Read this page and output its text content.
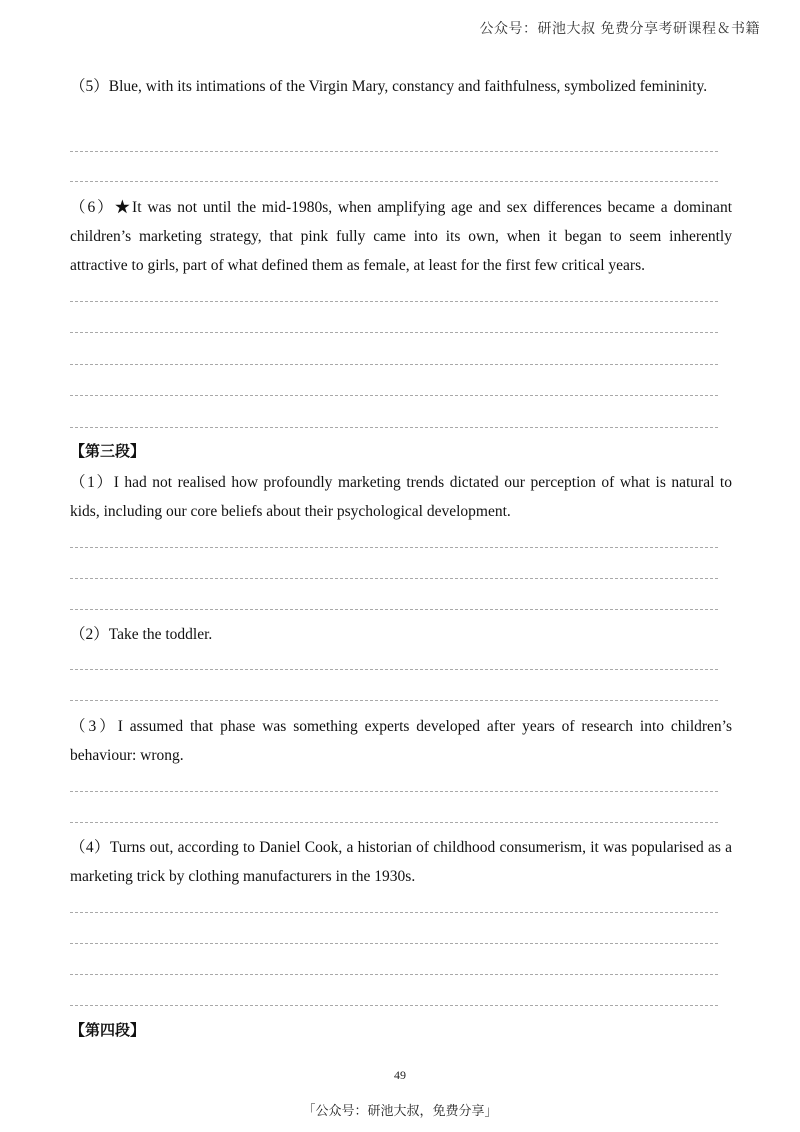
公众号：研池大叔 免费分享考研课程＆书籍
（5）Blue, with its intimations of the Virgin Mary, constancy and faithfulness, symbolized femininity.
（6）★It was not until the mid-1980s, when amplifying age and sex differences became a dominant children’s marketing strategy, that pink fully came into its own, when it began to seem inherently attractive to girls, part of what defined them as female, at least for the first few critical years.
【第三段】
（1）I had not realised how profoundly marketing trends dictated our perception of what is natural to kids, including our core beliefs about their psychological development.
（2）Take the toddler.
（3）I assumed that phase was something experts developed after years of research into children’s behaviour: wrong.
（4）Turns out, according to Daniel Cook, a historian of childhood consumerism, it was popularised as a marketing trick by clothing manufacturers in the 1930s.
【第四段】
49
「公众号：研池大叔，免费分享」
